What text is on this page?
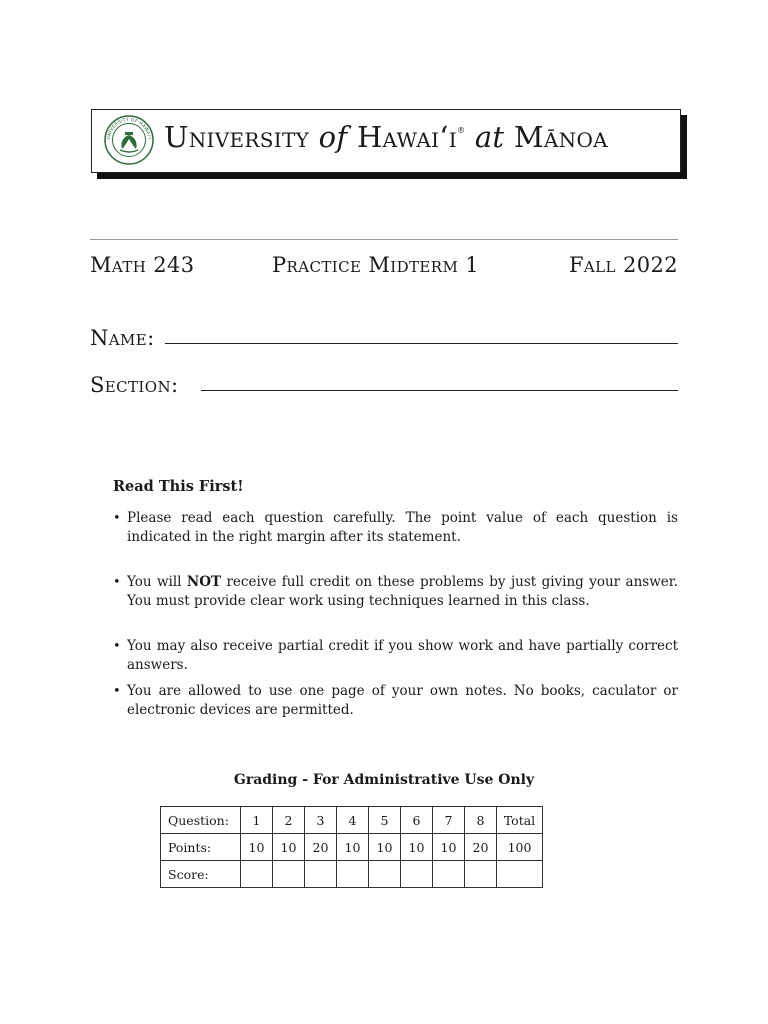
UNIVERSITY OF HAWAIʻI University of Hawaiʻi® at Mānoa
Math 243	Practice Midterm 1	Fall 2022
Name:
Section:
Read This First!
• Please read each question carefully. The point value of each question is indicated in the right margin after its statement.
• You will NOT receive full credit on these problems by just giving your answer. You must provide clear work using techniques learned in this class.
• You may also receive partial credit if you show work and have partially correct answers.
• You are allowed to use one page of your own notes. No books, caculator or electronic devices are permitted.
Grading - For Administrative Use Only
Question:	1	2	3	4	5	6	7	8	Total
Points:	10	10	20	10	10	10	10	20	100
Score:									
